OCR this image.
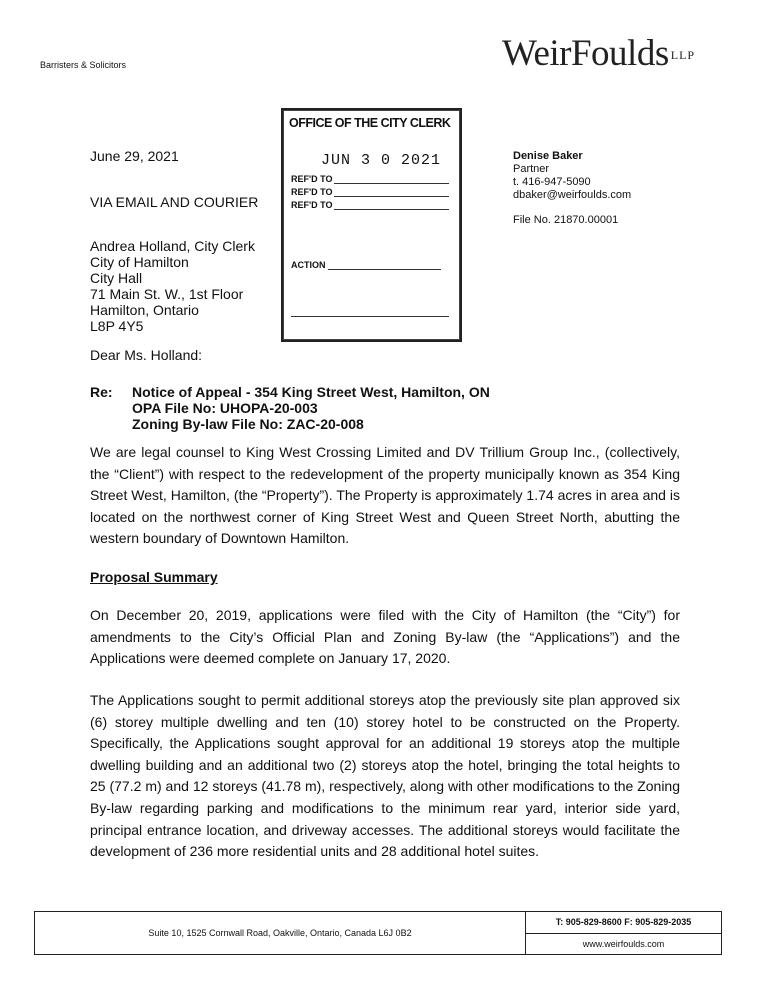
Barristers & Solicitors	WeirFoulds $^{LLP}$
June 29, 2021
VIA EMAIL AND COURIER
Andrea Holland, City Clerk
City of Hamilton
City Hall
71 Main St. W., 1st Floor
Hamilton, Ontario
L8P 4Y5
Dear Ms. Holland:
OFFICE OF THE CITY CLERK
JUN 3 0 2021
REF'D TO
REF'D TO
REF'D TO
ACTION
Denise Baker
Partner
t. 416-947-5090
dbaker@weirfoulds.com
File No. 21870.00001
Re: Notice of Appeal - 354 King Street West, Hamilton, ON
OPA File No: UHOPA-20-003
Zoning By-law File No: ZAC-20-008
We are legal counsel to King West Crossing Limited and DV Trillium Group Inc., (collectively, the “Client”) with respect to the redevelopment of the property municipally known as 354 King Street West, Hamilton, (the “Property”). The Property is approximately 1.74 acres in area and is located on the northwest corner of King Street West and Queen Street North, abutting the western boundary of Downtown Hamilton.
Proposal Summary
On December 20, 2019, applications were filed with the City of Hamilton (the “City”) for amendments to the City’s Official Plan and Zoning By-law (the “Applications”) and the Applications were deemed complete on January 17, 2020.
The Applications sought to permit additional storeys atop the previously site plan approved six (6) storey multiple dwelling and ten (10) storey hotel to be constructed on the Property. Specifically, the Applications sought approval for an additional 19 storeys atop the multiple dwelling building and an additional two (2) storeys atop the hotel, bringing the total heights to 25 (77.2 m) and 12 storeys (41.78 m), respectively, along with other modifications to the Zoning By-law regarding parking and modifications to the minimum rear yard, interior side yard, principal entrance location, and driveway accesses. The additional storeys would facilitate the development of 236 more residential units and 28 additional hotel suites.
Suite 10, 1525 Cornwall Road, Oakville, Ontario, Canada L6J 0B2
T: 905-829-8600 F: 905-829-2035
www.weirfoulds.com
